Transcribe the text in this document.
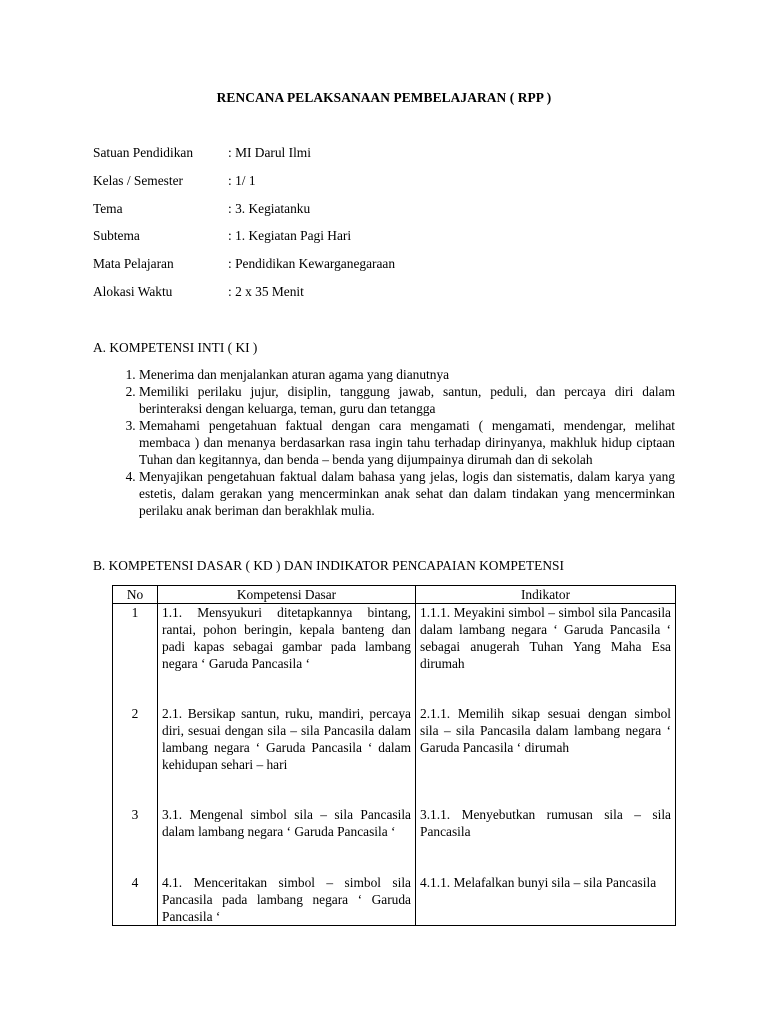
RENCANA PELAKSANAAN PEMBELAJARAN ( RPP )
Satuan Pendidikan	: MI Darul Ilmi
Kelas / Semester	: 1/ 1
Tema	: 3. Kegiatanku
Subtema	: 1. Kegiatan Pagi Hari
Mata Pelajaran	: Pendidikan Kewarganegaraan
Alokasi Waktu	: 2 x 35 Menit
A. KOMPETENSI INTI ( KI )
1. Menerima dan menjalankan aturan agama yang dianutnya
2. Memiliki perilaku jujur, disiplin, tanggung jawab, santun, peduli, dan percaya diri dalam berinteraksi dengan keluarga, teman, guru dan tetangga
3. Memahami pengetahuan faktual dengan cara mengamati ( mengamati, mendengar, melihat membaca ) dan menanya berdasarkan rasa ingin tahu terhadap dirinyanya, makhluk hidup ciptaan Tuhan dan kegitannya, dan benda – benda yang dijumpainya dirumah dan di sekolah
4. Menyajikan pengetahuan faktual dalam bahasa yang jelas, logis dan sistematis, dalam karya yang estetis, dalam gerakan yang mencerminkan anak sehat dan dalam tindakan yang mencerminkan perilaku anak beriman dan berakhlak mulia.
B. KOMPETENSI DASAR ( KD ) DAN INDIKATOR PENCAPAIAN KOMPETENSI
No	Kompetensi Dasar	Indikator
1	1.1. Mensyukuri ditetapkannya bintang, rantai, pohon beringin, kepala banteng dan padi kapas sebagai gambar pada lambang negara ‘ Garuda Pancasila ‘	1.1.1. Meyakini simbol – simbol sila Pancasila dalam lambang negara ‘ Garuda Pancasila ‘ sebagai anugerah Tuhan Yang Maha Esa dirumah
2	2.1. Bersikap santun, ruku, mandiri, percaya diri, sesuai dengan sila – sila Pancasila dalam lambang negara ‘ Garuda Pancasila ‘ dalam kehidupan sehari – hari	2.1.1. Memilih sikap sesuai dengan simbol sila – sila Pancasila dalam lambang negara ‘ Garuda Pancasila ‘ dirumah
3	3.1. Mengenal simbol sila – sila Pancasila dalam lambang negara ‘ Garuda Pancasila ‘	3.1.1. Menyebutkan rumusan sila – sila Pancasila
4	4.1. Menceritakan simbol – simbol sila Pancasila pada lambang negara ‘ Garuda Pancasila ‘	4.1.1. Melafalkan bunyi sila – sila Pancasila
